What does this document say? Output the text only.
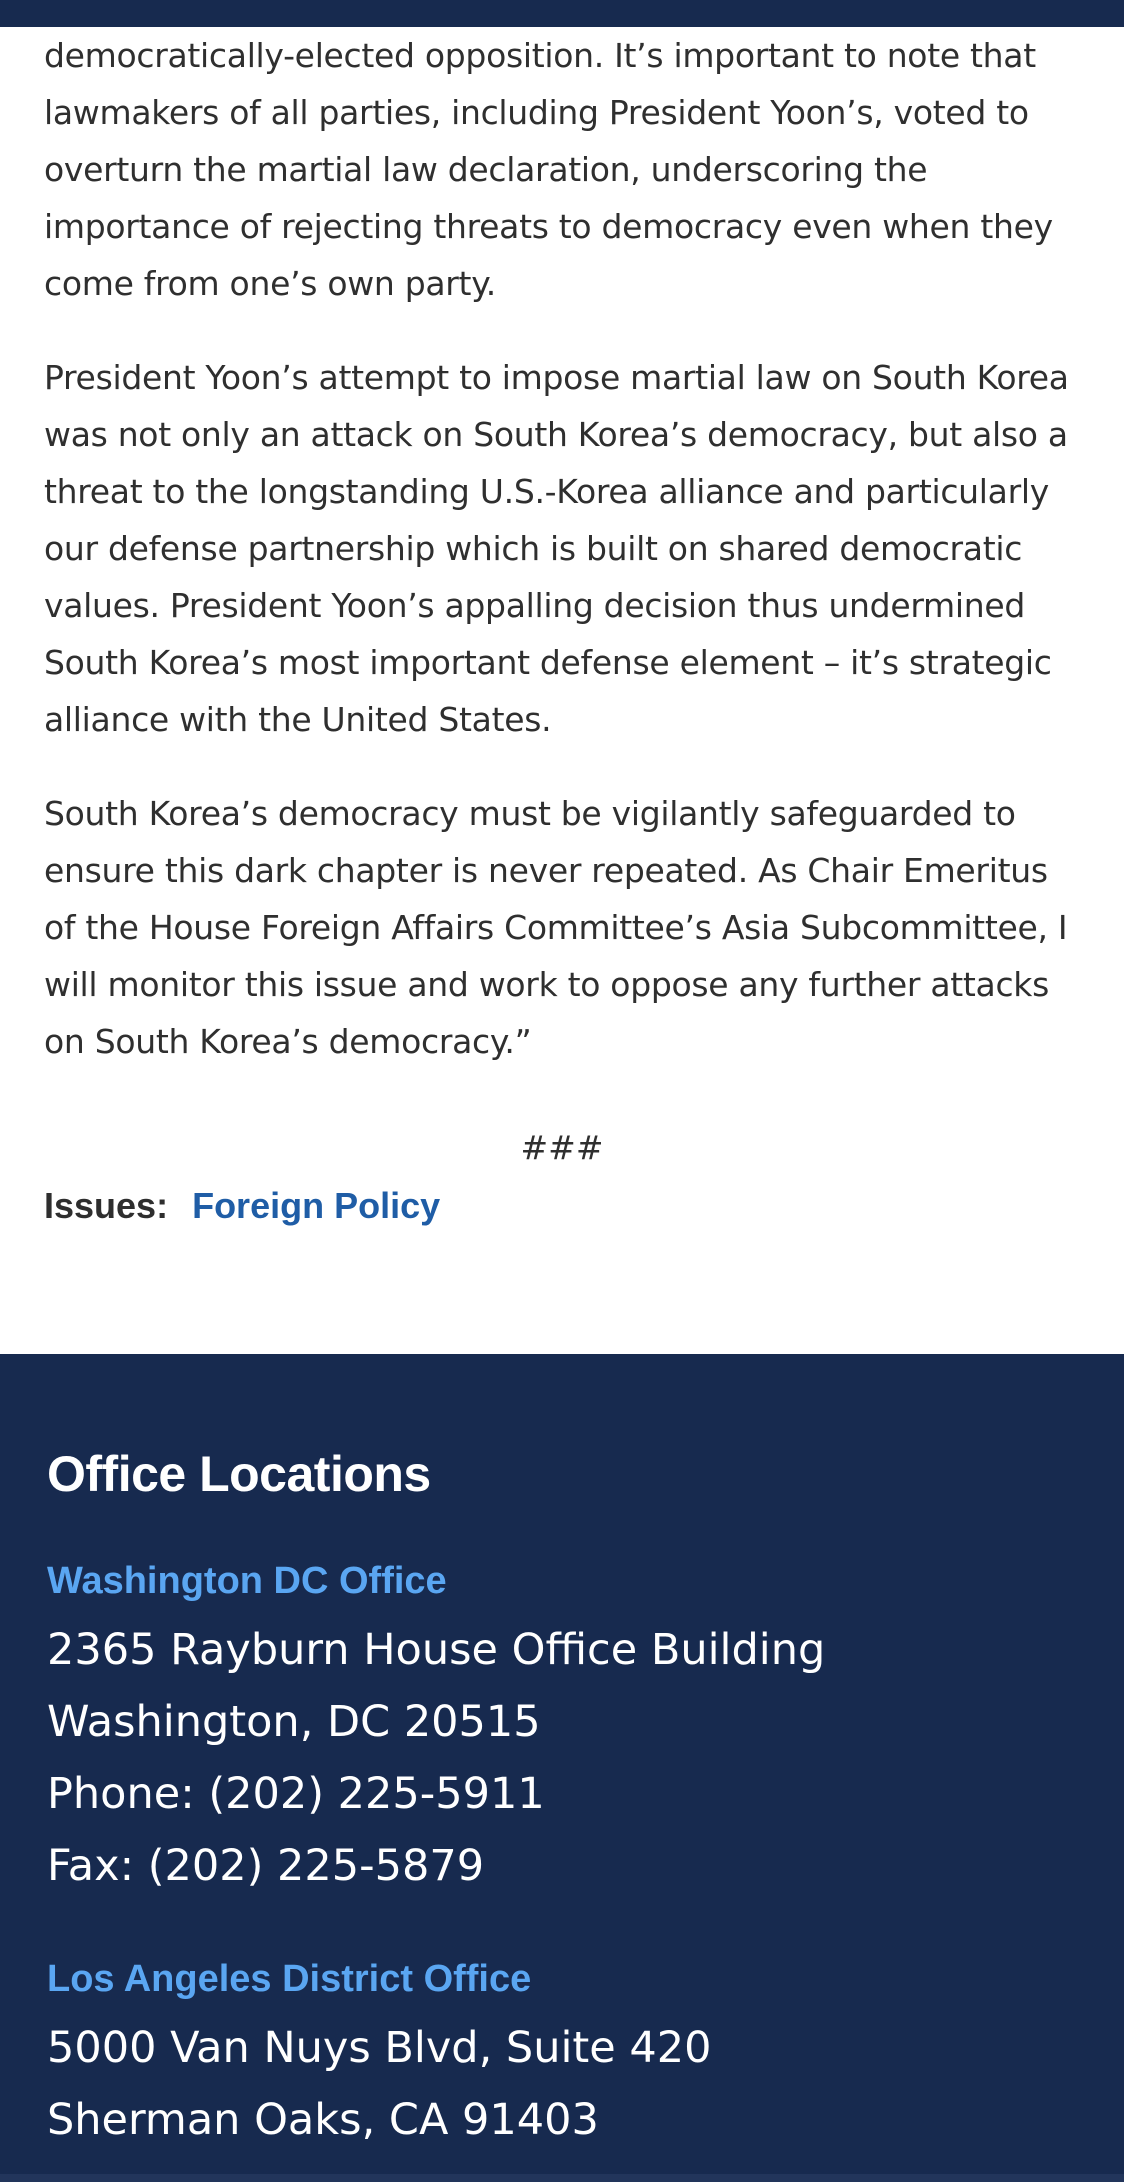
democratically-elected opposition. It’s important to note that lawmakers of all parties, including President Yoon’s, voted to overturn the martial law declaration, underscoring the importance of rejecting threats to democracy even when they come from one’s own party.

President Yoon’s attempt to impose martial law on South Korea was not only an attack on South Korea’s democracy, but also a threat to the longstanding U.S.-Korea alliance and particularly our defense partnership which is built on shared democratic values. President Yoon’s appalling decision thus undermined South Korea’s most important defense element – it’s strategic alliance with the United States.

South Korea’s democracy must be vigilantly safeguarded to ensure this dark chapter is never repeated. As Chair Emeritus of the House Foreign Affairs Committee’s Asia Subcommittee, I will monitor this issue and work to oppose any further attacks on South Korea’s democracy.”

###
Issues: Foreign Policy
Office Locations
Washington DC Office
2365 Rayburn House Office Building
Washington, DC 20515
Phone: (202) 225-5911
Fax: (202) 225-5879
Los Angeles District Office
5000 Van Nuys Blvd, Suite 420
Sherman Oaks, CA 91403
